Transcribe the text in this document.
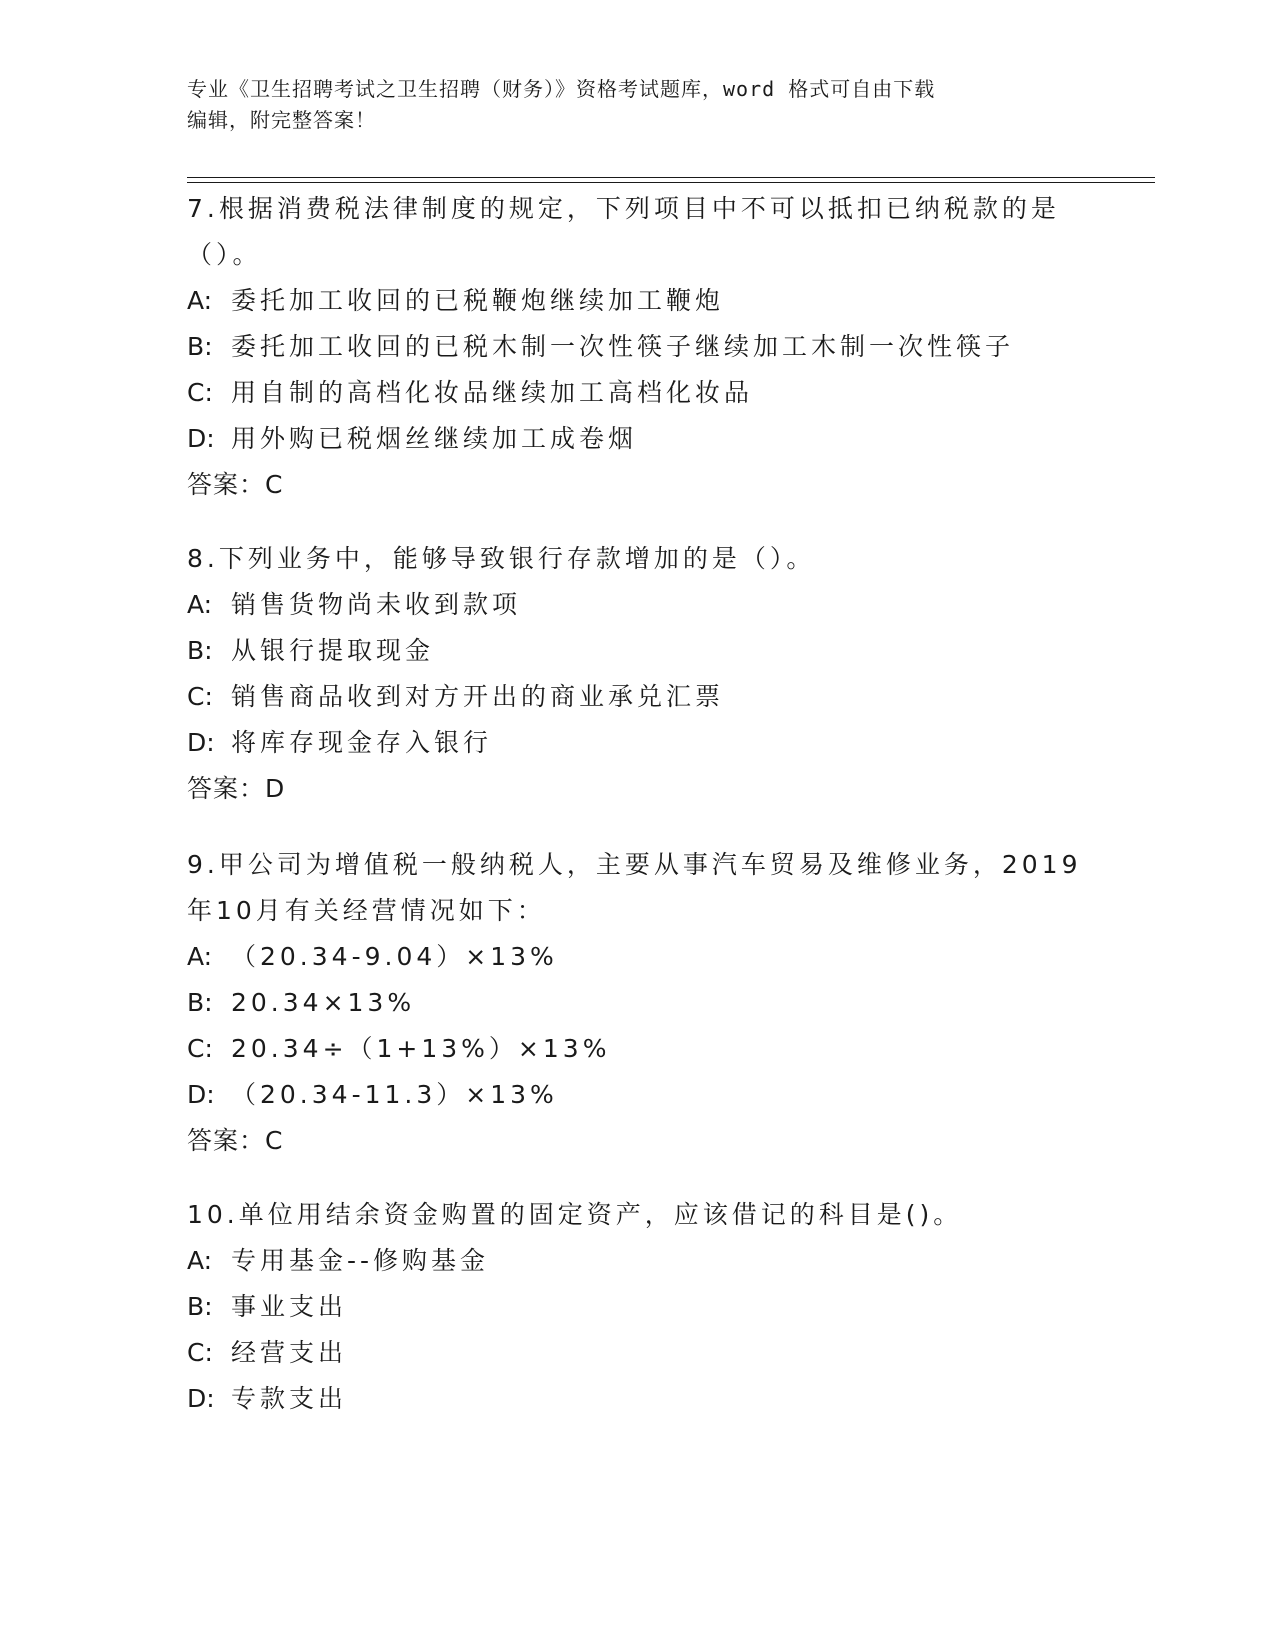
专业《卫生招聘考试之卫生招聘（财务）》资格考试题库，word 格式可自由下载
编辑，附完整答案！

7.根据消费税法律制度的规定，下列项目中不可以抵扣已纳税款的是

（）。

A: 委托加工收回的已税鞭炮继续加工鞭炮

B: 委托加工收回的已税木制一次性筷子继续加工木制一次性筷子

C: 用自制的高档化妆品继续加工高档化妆品

D: 用外购已税烟丝继续加工成卷烟

答案：C

8.下列业务中，能够导致银行存款增加的是（）。

A: 销售货物尚未收到款项

B: 从银行提取现金

C: 销售商品收到对方开出的商业承兑汇票

D: 将库存现金存入银行

答案：D

9.甲公司为增值税一般纳税人，主要从事汽车贸易及维修业务，2019

年10月有关经营情况如下：

A: （20.34-9.04）×13%

B: 20.34×13%

C: 20.34÷（1+13%）×13%

D: （20.34-11.3）×13%

答案：C

10.单位用结余资金购置的固定资产，应该借记的科目是()。

A: 专用基金--修购基金

B: 事业支出

C: 经营支出

D: 专款支出
